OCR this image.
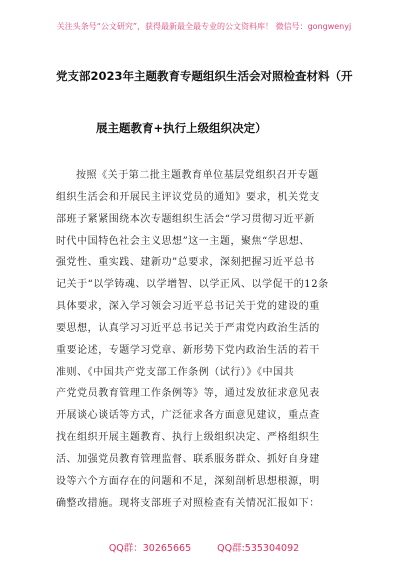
关注头条号“公文研究”，获得最新最全最专业的公文资料库！ 微信号：gongwenyj
党支部2023年主题教育专题组织生活会对照检查材料（开
展主题教育+执行上级组织决定）
按照《关于第二批主题教育单位基层党组织召开专题
组织生活会和开展民主评议党员的通知》要求，机关党支
部班子紧紧围绕本次专题组织生活会“学习贯彻习近平新
时代中国特色社会主义思想”这一主题，聚焦“学思想、
强党性、重实践、建新功”总要求，深刻把握习近平总书
记关于“以学铸魂、以学增智、以学正风、以学促干的12条
具体要求，深入学习领会习近平总书记关于党的建设的重
要思想，认真学习习近平总书记关于严肃党内政治生活的
重要论述，专题学习党章、新形势下党内政治生活的若干
准则、《中国共产党支部工作条例（试行）》《中国共
产党党员教育管理工作条例等》等，通过发放征求意见表
开展谈心谈话等方式，广泛征求各方面意见建议，重点查
找在组织开展主题教育、执行上级组织决定、严格组织生
活、加强党员教育管理监督、联系服务群众、抓好自身建
设等六个方面存在的问题和不足，深刻剖析思想根源，明
确整改措施。现将支部班子对照检查有关情况汇报如下：
QQ群：30265665	QQ群:535304092
